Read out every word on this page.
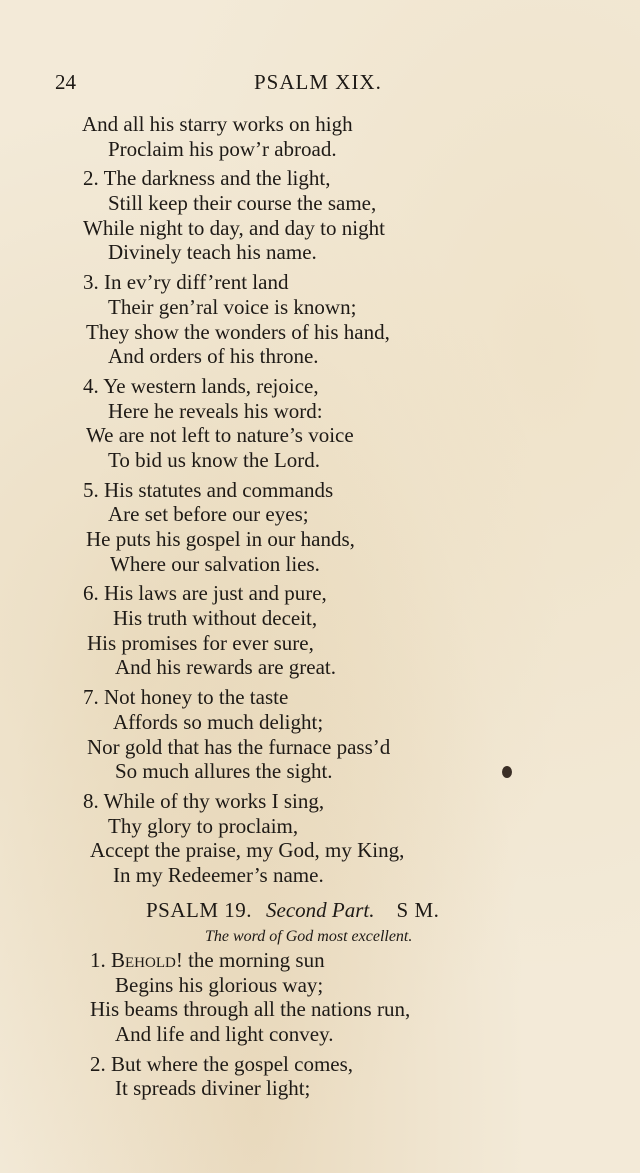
24	PSALM XIX.
And all his starry works on high
Proclaim his pow’r abroad.
2. The darkness and the light,
Still keep their course the same,
While night to day, and day to night
Divinely teach his name.
3. In ev’ry diff’rent land
Their gen’ral voice is known;
They show the wonders of his hand,
And orders of his throne.
4. Ye western lands, rejoice,
Here he reveals his word:
We are not left to nature’s voice
To bid us know the Lord.
5. His statutes and commands
Are set before our eyes;
He puts his gospel in our hands,
Where our salvation lies.
6. His laws are just and pure,
His truth without deceit,
His promises for ever sure,
And his rewards are great.
7. Not honey to the taste
Affords so much delight;
Nor gold that has the furnace pass’d
So much allures the sight.
8. While of thy works I sing,
Thy glory to proclaim,
Accept the praise, my God, my King,
In my Redeemer’s name.
PSALM 19. Second Part. S M.
The word of God most excellent.
1. Behold! the morning sun
Begins his glorious way;
His beams through all the nations run,
And life and light convey.
2. But where the gospel comes,
It spreads diviner light;
